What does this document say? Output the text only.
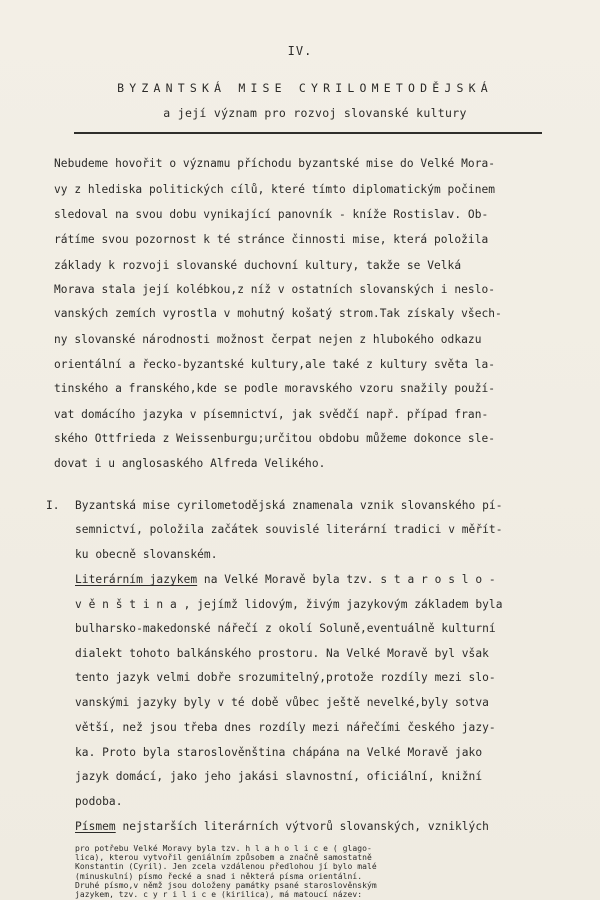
IV.
BYZANTSKÁ MISE CYRILOMETODĚJSKÁ
a její význam pro rozvoj slovanské kultury
Nebudeme hovořit o významu příchodu byzantské mise do Velké Mora-
vy z hlediska politických cílů, které tímto diplomatickým počinem
sledoval na svou dobu vynikající panovník - kníže Rostislav. Ob-
rátíme svou pozornost k té stránce činnosti mise, která položila
základy k rozvoji slovanské duchovní kultury, takže se Velká
Morava stala její kolébkou,z níž v ostatních slovanských i neslo-
vanských zemích vyrostla v mohutný košatý strom.Tak získaly všech-
ny slovanské národnosti možnost čerpat nejen z hlubokého odkazu
orientální a řecko-byzantské kultury,ale také z kultury světa la-
tinského a franského,kde se podle moravského vzoru snažily použí-
vat domácího jazyka v písemnictví, jak svědčí např. případ fran-
ského Ottfrieda z Weissenburgu;určitou obdobu můžeme dokonce sle-
dovat i u anglosaského Alfreda Velikého.
I. Byzantská mise cyrilometodějská znamenala vznik slovanského pí-
semnictví, položila začátek souvislé literární tradici v měřít-
ku obecně slovanském.
Literárním jazykem na Velké Moravě byla tzv. s t a r o s l o -
v ě n š t i n a , jejímž lidovým, živým jazykovým základem byla
bulharsko-makedonské nářečí z okolí Soluně,eventuálně kulturní
dialekt tohoto balkánského prostoru. Na Velké Moravě byl však
tento jazyk velmi dobře srozumitelný,protože rozdíly mezi slo-
vanskými jazyky byly v té době vůbec ještě nevelké,byly sotva
větší, než jsou třeba dnes rozdíly mezi nářečími českého jazy-
ka. Proto byla staroslověnština chápána na Velké Moravě jako
jazyk domácí, jako jeho jakási slavnostní, oficiální, knižní
podoba.
Písmem nejstarších literárních výtvorů slovanských, vzniklých
pro potřebu Velké Moravy byla tzv. h l a h o l i c e ( glago-
lica), kterou vytvořil geniálním způsobem a značně samostatně
Konstantin (Cyril). Jen zcela vzdálenou předlohou jí bylo malé
(minuskulní) písmo řecké a snad i některá písma orientální.
Druhé písmo,v němž jsou doloženy památky psané staroslověnským
jazykem, tzv. c y r i l i c e (kirilica), má matoucí název:
